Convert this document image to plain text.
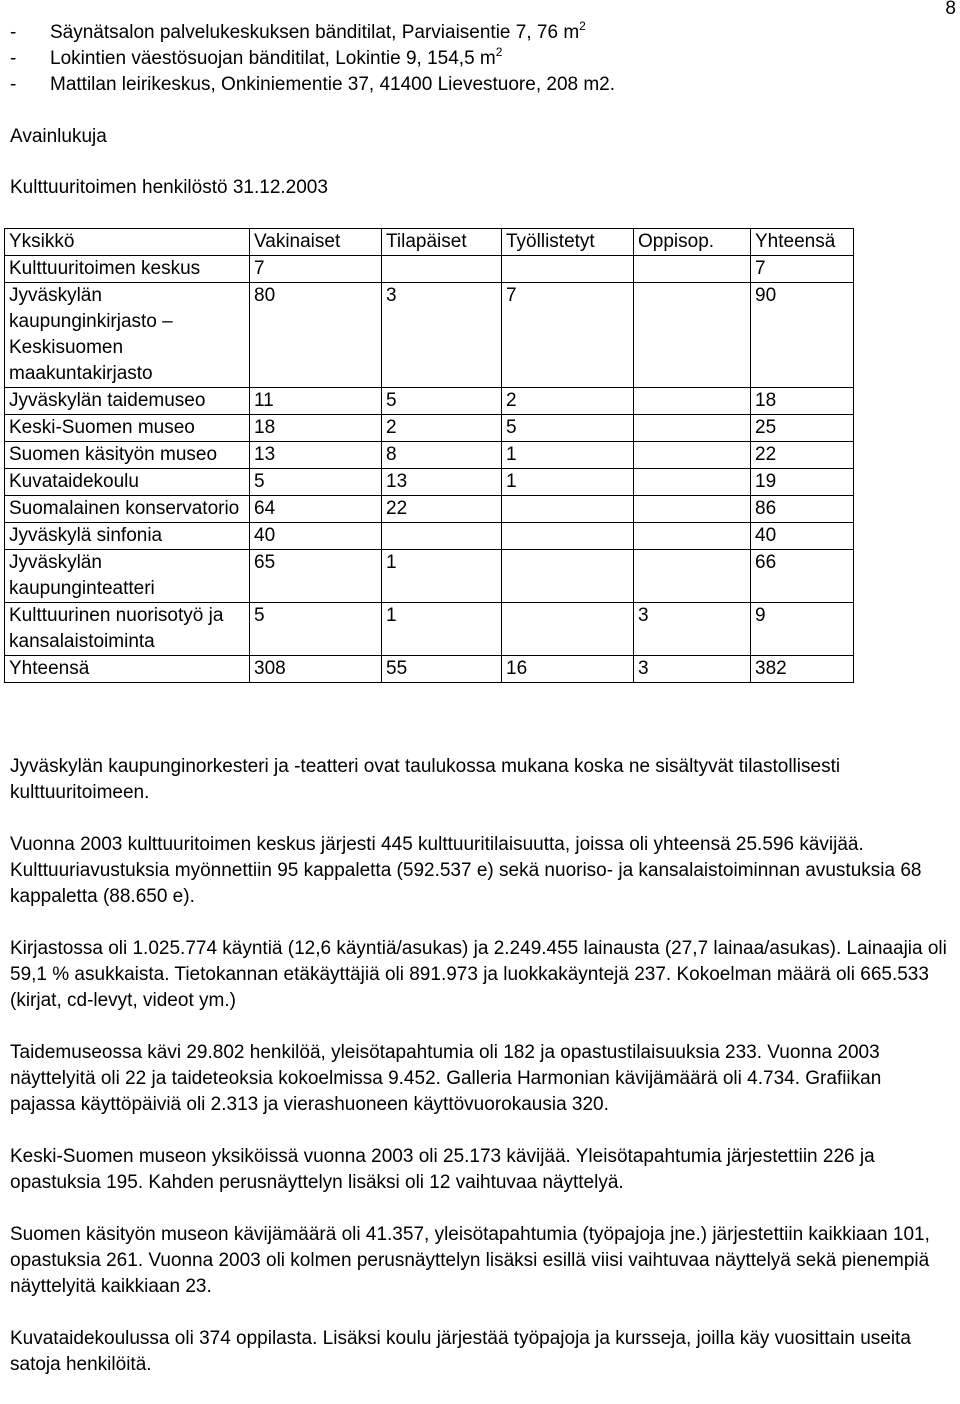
8
-	Säynätsalon palvelukeskuksen bänditilat, Parviaisentie 7, 76 $m^2$
-	Lokintien väestösuojan bänditilat, Lokintie 9, 154,5 $m^2$
-	Mattilan leirikeskus, Onkiniementie 37, 41400 Lievestuore, 208 m2.
Avainlukuja
Kulttuuritoimen henkilöstö 31.12.2003
Yksikkö	Vakinaiset	Tilapäiset	Työllistetyt	Oppisop.	Yhteensä
Kulttuuritoimen keskus	7				7
Jyväskylän kaupunginkirjasto – Keskisuomen maakuntakirjasto	80	3	7		90
Jyväskylän taidemuseo	11	5	2		18
Keski-Suomen museo	18	2	5		25
Suomen käsityön museo	13	8	1		22
Kuvataidekoulu	5	13	1		19
Suomalainen konservatorio	64	22			86
Jyväskylä sinfonia	40				40
Jyväskylän kaupunginteatteri	65	1			66
Kulttuurinen nuorisotyö ja kansalaistoiminta	5	1		3	9
Yhteensä	308	55	16	3	382

Jyväskylän kaupunginorkesteri ja -teatteri ovat taulukossa mukana koska ne sisältyvät tilastollisesti kulttuuritoimeen.

Vuonna 2003 kulttuuritoimen keskus järjesti 445 kulttuuritilaisuutta, joissa oli yhteensä 25.596 kävijää. Kulttuuriavustuksia myönnettiin 95 kappaletta (592.537 e) sekä nuoriso- ja kansalaistoiminnan avustuksia 68 kappaletta (88.650 e).

Kirjastossa oli 1.025.774 käyntiä (12,6 käyntiä/asukas) ja 2.249.455 lainausta (27,7 lainaa/asukas). Lainaajia oli 59,1 % asukkaista. Tietokannan etäkäyttäjiä oli 891.973 ja luokkakäyntejä 237. Kokoelman määrä oli 665.533 (kirjat, cd-levyt, videot ym.)

Taidemuseossa kävi 29.802 henkilöä, yleisötapahtumia oli 182 ja opastustilaisuuksia 233. Vuonna 2003 näyttelyitä oli 22 ja taideteoksia kokoelmissa 9.452. Galleria Harmonian kävijämäärä oli 4.734. Grafiikan pajassa käyttöpäiviä oli 2.313 ja vierashuoneen käyttövuorokausia 320.

Keski-Suomen museon yksiköissä vuonna 2003 oli 25.173 kävijää. Yleisötapahtumia järjestettiin 226 ja opastuksia 195. Kahden perusnäyttelyn lisäksi oli 12 vaihtuvaa näyttelyä.

Suomen käsityön museon kävijämäärä oli 41.357, yleisötapahtumia (työpajoja jne.) järjestettiin kaikkiaan 101, opastuksia 261. Vuonna 2003 oli kolmen perusnäyttelyn lisäksi esillä viisi vaihtuvaa näyttelyä sekä pienempiä näyttelyitä kaikkiaan 23.

Kuvataidekoulussa oli 374 oppilasta. Lisäksi koulu järjestää työpajoja ja kursseja, joilla käy vuosittain useita satoja henkilöitä.
